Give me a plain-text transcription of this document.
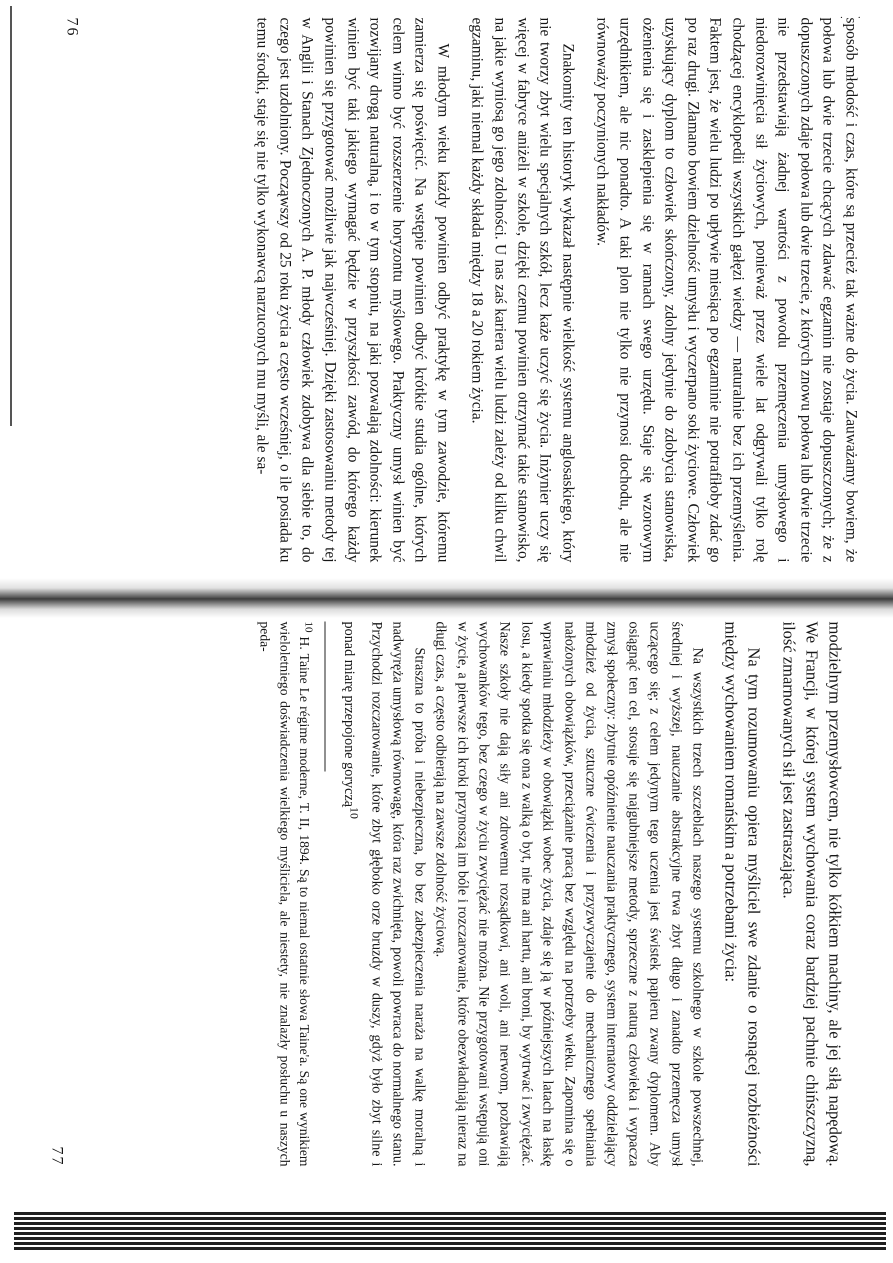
··

sposób młodość i czas, które są przecież tak ważne do życia. Zauważamy bowiem, że połowa lub dwie trzecie chcących zdawać egzamin nie zostaje dopuszczonych; że z dopuszczonych zdaje połowa lub dwie trzecie, z których znowu połowa lub dwie trzecie nie przedstawiają żadnej wartości z powodu przemęczenia umysłowego i niedorozwinięcia sił życiowych, ponieważ przez wiele lat odgrywali tylko rolę chodzącej encyklopedii wszystkich gałęzi wiedzy — naturalnie bez ich przemyślenia. Faktem jest, że wielu ludzi po upływie miesiąca po egzaminie nie potrafiłoby zdać go po raz drugi. Złamano bowiem dzielność umysłu i wyczerpano soki życiowe. Człowiek uzyskujący dyplom to człowiek skończony, zdolny jedynie do zdobycia stanowiska, ożenienia się i zasklepienia się w ramach swego urzędu. Staje się wzorowym urzędnikiem, ale nic ponadto. A taki plon nie tylko nie przynosi dochodu, ale nie równoważy poczynionych nakładów.

Znakomity ten historyk wykazał następnie wielkość systemu anglosaskiego, który nie tworzy zbyt wielu specjalnych szkół, lecz każe uczyć się życia. Inżynier uczy się więcej w fabryce aniżeli w szkole, dzięki czemu powinien otrzymać takie stanowisko, na jakie wyniosą go jego zdolności. U nas zaś kariera wielu ludzi zależy od kilku chwil egzaminu, jaki niemal każdy składa między 18 a 20 rokiem życia.

W młodym wieku każdy powinien odbyć praktykę w tym zawodzie, któremu zamierza się poświęcić. Na wstępie powinien odbyć krótkie studia ogólne, których celem winno być rozszerzenie horyzontu myślowego. Praktyczny umysł winien być rozwijany drogą naturalną, i to w tym stopniu, na jaki pozwalają zdolności: kierunek winien być taki jakiego wymagać będzie w przyszłości zawód, do którego każdy powinien się przygotować możliwie jak najwcześniej. Dzięki zastosowaniu metody tej w Anglii i Stanach Zjednoczonych A. P. młody człowiek zdobywa dla siebie to, do czego jest uzdolniony. Począwszy od 25 roku życia a często wcześniej, o ile posiada ku temu środki, staje się nie tylko wykonawcą narzuconych mu myśli, ale sa-

76

modzielnym przemysłowcem, nie tylko kółkiem machiny, ale jej siłą napędową. We Francji, w której system wychowania coraz bardziej pachnie chińszczyzną, ilość zmarnowanych sił jest zastraszająca.

Na tym rozumowaniu opiera myśliciel swe zdanie o rosnącej rozbieżności między wychowaniem romańskim a potrzebami życia:

Na wszystkich trzech szczeblach naszego systemu szkolnego w szkole powszechnej, średniej i wyższej, nauczanie abstrakcyjne trwa zbyt długo i zanadto przemęcza umysł uczącego się; z celem jedynym tego uczenia jest świstek papieru zwany dyplomem. Aby osiągnąć ten cel, stosuje się najgubniejsze metody, sprzeczne z naturą człowieka i wypacza zmysł społeczny: zbytnie opóźnienie nauczania praktycznego, system internatowy oddzielający młodzież od życia, sztuczne ćwiczenia i przyzwyczajenie do mechanicznego spełniania nałożonych obowiązków, przeciążanie pracą bez względu na potrzeby wieku. Zapomina się o wprawianiu młodzieży w obowiązki wobec życia, zdaje się ją w późniejszych latach na łaskę losu, a kiedy spotka się ona z walką o byt, nie ma ani hartu, ani broni, by wytrwać i zwyciężać. Nasze szkoły nie dają siły ani zdrowemu rozsądkowi, ani woli, ani nerwom, pozbawiają wychowanków tego, bez czego w życiu zwyciężać nie można. Nie przygotowani wstępują oni w życie, a pierwsze ich kroki przynoszą im bóle i rozczarowanie, które obezwładniają nieraz na długi czas, a często odbierają na zawsze zdolność życiową.

Straszna to próba i niebezpieczna, bo bez zabezpieczenia naraża na walkę moralną i nadwyręża umysłową równowagę, która raz zwichnięta, powoli powraca do normalnego stanu. Przychodzi rozczarowanie, które zbyt głęboko orze bruzdy w duszy, gdyż było zbyt silne i ponad miarę przepojone goryczą$^{10}$

$^{10}$H. Taine Le régime moderne, T. II, 1894. Są to niemal ostatnie słowa Taine'a. Są one wynikiem wieloletniego doświadczenia wielkiego myśliciela, ale niestety, nie znalazły posłuchu u naszych peda-

77
